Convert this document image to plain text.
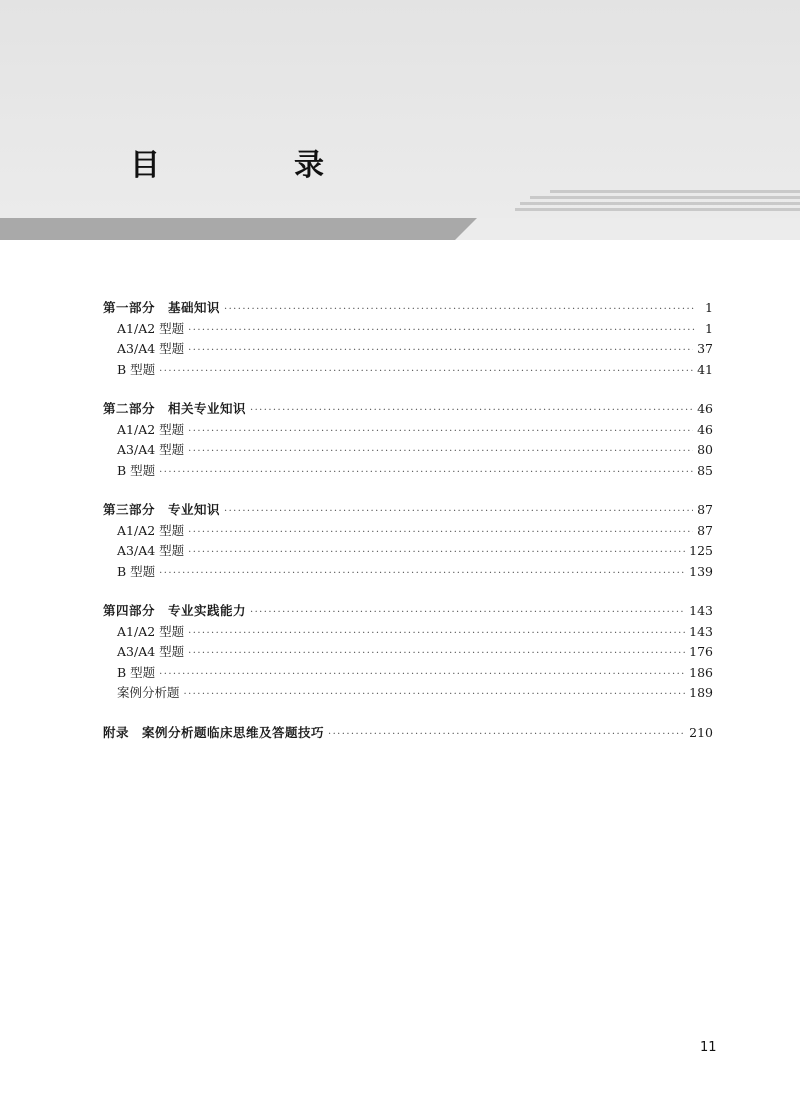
目　录
第一部分　基础知识 ·····	1
A1/A2 型题 ·····	1
A3/A4 型题 ·····	37
B 型题 ·····	41
第二部分　相关专业知识 ·····	46
A1/A2 型题 ·····	46
A3/A4 型题 ·····	80
B 型题 ·····	85
第三部分　专业知识 ·····	87
A1/A2 型题 ·····	87
A3/A4 型题 ·····	125
B 型题 ·····	139
第四部分　专业实践能力 ·····	143
A1/A2 型题 ·····	143
A3/A4 型题 ·····	176
B 型题 ·····	186
案例分析题 ·····	189
附录　案例分析题临床思维及答题技巧 ·····	210
11
